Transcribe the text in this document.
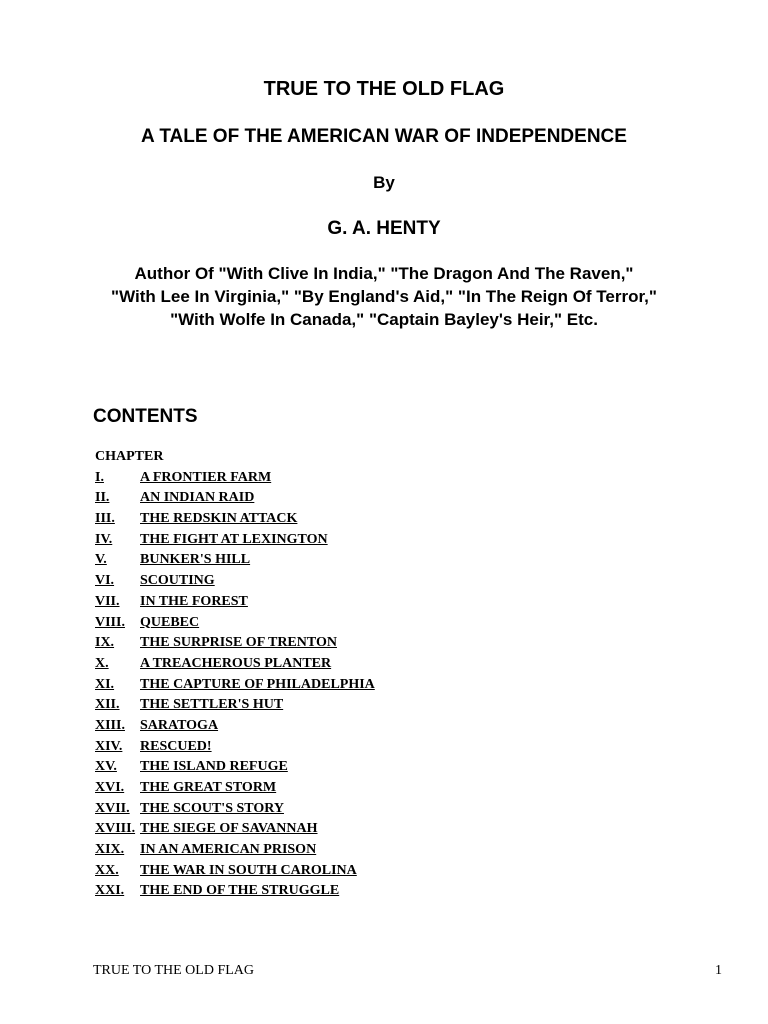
TRUE TO THE OLD FLAG
A TALE OF THE AMERICAN WAR OF INDEPENDENCE
By
G. A. HENTY
Author Of "With Clive In India," "The Dragon And The Raven,"
"With Lee In Virginia," "By England's Aid," "In The Reign Of Terror,"
"With Wolfe In Canada," "Captain Bayley's Heir," Etc.
CONTENTS
CHAPTER
I.	A FRONTIER FARM
II. AN INDIAN RAID
III. THE REDSKIN ATTACK
IV. THE FIGHT AT LEXINGTON
V. BUNKER'S HILL
VI. SCOUTING
VII. IN THE FOREST
VIII. QUEBEC
IX. THE SURPRISE OF TRENTON
X. A TREACHEROUS PLANTER
XI. THE CAPTURE OF PHILADELPHIA
XII. THE SETTLER'S HUT
XIII. SARATOGA
XIV. RESCUED!
XV. THE ISLAND REFUGE
XVI. THE GREAT STORM
XVII. THE SCOUT'S STORY
XVIII. THE SIEGE OF SAVANNAH
XIX. IN AN AMERICAN PRISON
XX. THE WAR IN SOUTH CAROLINA
XXI. THE END OF THE STRUGGLE
TRUE TO THE OLD FLAG	1
